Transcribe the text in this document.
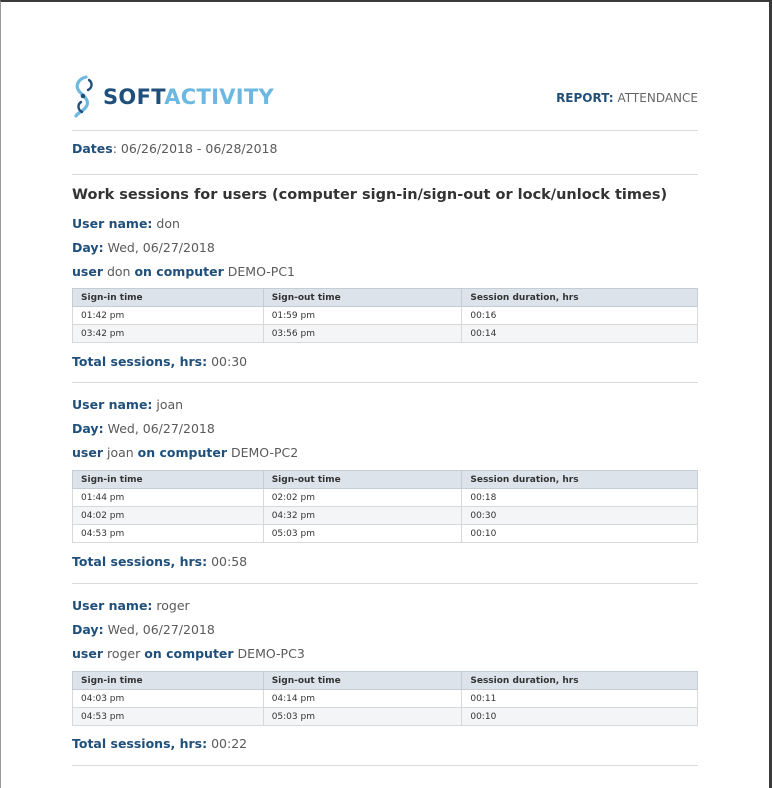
SOFTACTIVITY	REPORT: ATTENDANCE
Dates: 06/26/2018 - 06/28/2018
Work sessions for users (computer sign-in/sign-out or lock/unlock times)
User name: don
Day: Wed, 06/27/2018
user don on computer DEMO-PC1
Sign-in time	Sign-out time	Session duration, hrs
01:42 pm	01:59 pm	00:16
03:42 pm	03:56 pm	00:14
Total sessions, hrs: 00:30
User name: joan
Day: Wed, 06/27/2018
user joan on computer DEMO-PC2
Sign-in time	Sign-out time	Session duration, hrs
01:44 pm	02:02 pm	00:18
04:02 pm	04:32 pm	00:30
04:53 pm	05:03 pm	00:10
Total sessions, hrs: 00:58
User name: roger
Day: Wed, 06/27/2018
user roger on computer DEMO-PC3
Sign-in time	Sign-out time	Session duration, hrs
04:03 pm	04:14 pm	00:11
04:53 pm	05:03 pm	00:10
Total sessions, hrs: 00:22
